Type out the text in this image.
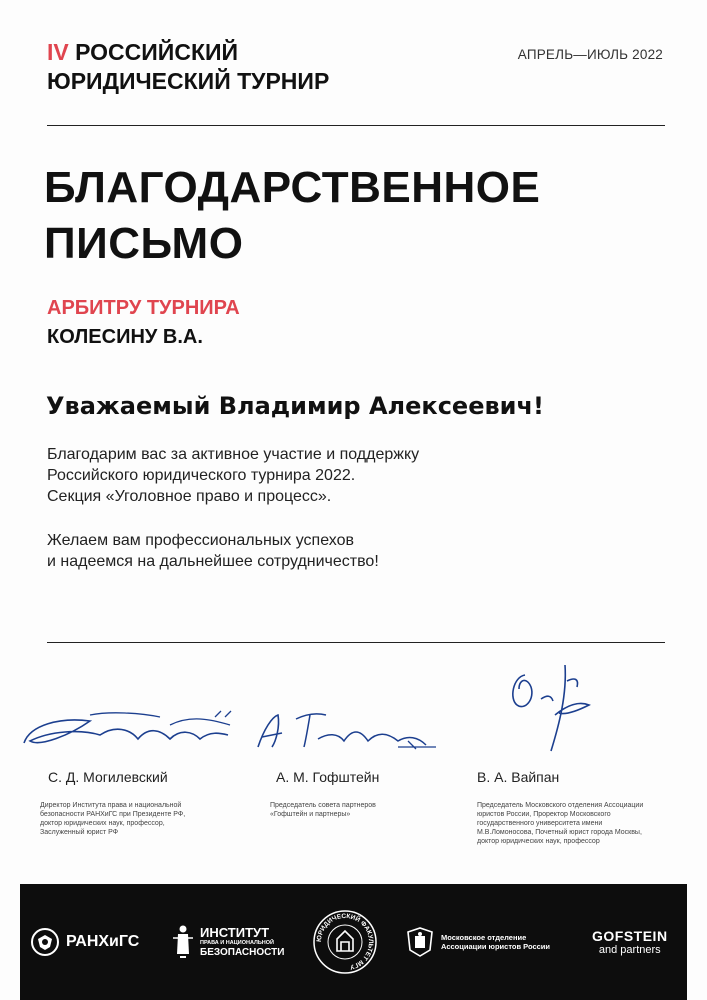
IV РОССИЙСКИЙ
ЮРИДИЧЕСКИЙ ТУРНИР
АПРЕЛЬ—ИЮЛЬ 2022
БЛАГОДАРСТВЕННОЕ
ПИСЬМО
АРБИТРУ ТУРНИРА
КОЛЕСИНУ В.А.
Уважаемый Владимир Алексеевич!
Благодарим вас за активное участие и поддержку
Российского юридического турнира 2022.
Секция «Уголовное право и процесс».
Желаем вам профессиональных успехов
и надеемся на дальнейшее сотрудничество!
С. Д. Могилевский
Директор Института права и национальной
безопасности РАНХиГС при Президенте РФ,
доктор юридических наук, профессор,
Заслуженный юрист РФ
А. М. Гофштейн
Председатель совета партнеров
«Гофштейн и партнеры»
В. А. Вайпан
Председатель Московского отделения Ассоциации
юристов России, Проректор Московского
государственного университета имени
М.В.Ломоносова, Почетный юрист города Москвы,
доктор юридических наук, профессор
РАНХиГС
ИНСТИТУТ
ПРАВА И НАЦИОНАЛЬНОЙ
БЕЗОПАСНОСТИ
ЮРИДИЧЕСКИЙ ФАКУЛЬТЕТ МГУ
Московское отделение
Ассоциации юристов России
GOFSTEIN
and partners
